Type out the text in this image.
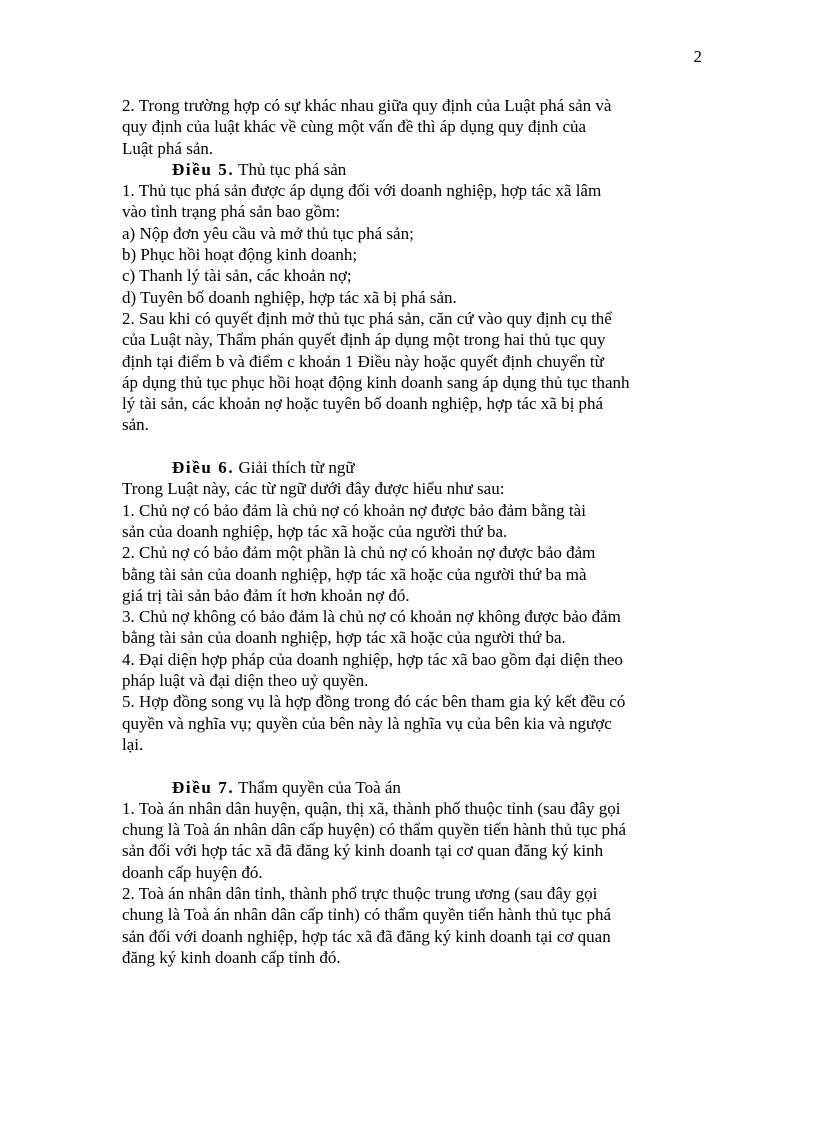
2
2. Trong trường hợp có sự khác nhau giữa quy định của Luật phá sản và
quy định của luật khác về cùng một vấn đề thì áp dụng quy định của
Luật phá sản.
Điều 5. Thủ tục phá sản
1. Thủ tục phá sản được áp dụng đối với doanh nghiệp, hợp tác xã lâm
vào tình trạng phá sản bao gồm:
a) Nộp đơn yêu cầu và mở thủ tục phá sản;
b) Phục hồi hoạt động kinh doanh;
c) Thanh lý tài sản, các khoản nợ;
d) Tuyên bố doanh nghiệp, hợp tác xã bị phá sản.
2. Sau khi có quyết định mở thủ tục phá sản, căn cứ vào quy định cụ thể
của Luật này, Thẩm phán quyết định áp dụng một trong hai thủ tục quy
định tại điểm b và điểm c khoản 1 Điều này hoặc quyết định chuyển từ
áp dụng thủ tục phục hồi hoạt động kinh doanh sang áp dụng thủ tục thanh
lý tài sản, các khoản nợ hoặc tuyên bố doanh nghiệp, hợp tác xã bị phá
sản.
Điều 6. Giải thích từ ngữ
Trong Luật này, các từ ngữ dưới đây được hiểu như sau:
1. Chủ nợ có bảo đảm là chủ nợ có khoản nợ được bảo đảm bằng tài
sản của doanh nghiệp, hợp tác xã hoặc của người thứ ba.
2. Chủ nợ có bảo đảm một phần là chủ nợ có khoản nợ được bảo đảm
bằng tài sản của doanh nghiệp, hợp tác xã hoặc của người thứ ba mà
giá trị tài sản bảo đảm ít hơn khoản nợ đó.
3. Chủ nợ không có bảo đảm là chủ nợ có khoản nợ không được bảo đảm
bằng tài sản của doanh nghiệp, hợp tác xã hoặc của người thứ ba.
4. Đại diện hợp pháp của doanh nghiệp, hợp tác xã bao gồm đại diện theo
pháp luật và đại diện theo uỷ quyền.
5. Hợp đồng song vụ là hợp đồng trong đó các bên tham gia ký kết đều có
quyền và nghĩa vụ; quyền của bên này là nghĩa vụ của bên kia và ngược
lại.
Điều 7. Thẩm quyền của Toà án
1. Toà án nhân dân huyện, quận, thị xã, thành phố thuộc tỉnh (sau đây gọi
chung là Toà án nhân dân cấp huyện) có thẩm quyền tiến hành thủ tục phá
sản đối với hợp tác xã đã đăng ký kinh doanh tại cơ quan đăng ký kinh
doanh cấp huyện đó.
2. Toà án nhân dân tỉnh, thành phố trực thuộc trung ương (sau đây gọi
chung là Toà án nhân dân cấp tỉnh) có thẩm quyền tiến hành thủ tục phá
sản đối với doanh nghiệp, hợp tác xã đã đăng ký kinh doanh tại cơ quan
đăng ký kinh doanh cấp tỉnh đó.
